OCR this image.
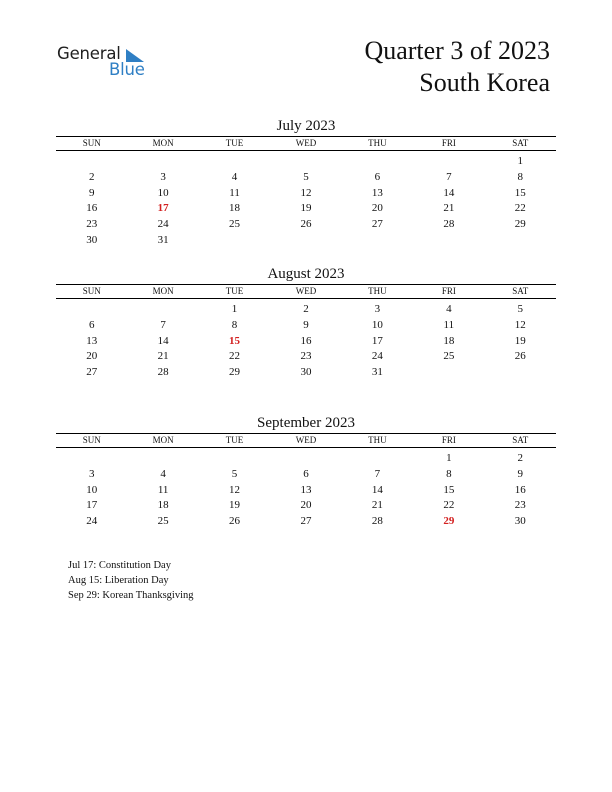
General
Blue
Quarter 3 of 2023
South Korea
July 2023
SUN	MON	TUE	WED	THU	FRI	SAT
						1
2	3	4	5	6	7	8
9	10	11	12	13	14	15
16	17	18	19	20	21	22
23	24	25	26	27	28	29
30	31					
August 2023
SUN	MON	TUE	WED	THU	FRI	SAT
		1	2	3	4	5
6	7	8	9	10	11	12
13	14	15	16	17	18	19
20	21	22	23	24	25	26
27	28	29	30	31		
September 2023
SUN	MON	TUE	WED	THU	FRI	SAT
					1	2
3	4	5	6	7	8	9
10	11	12	13	14	15	16
17	18	19	20	21	22	23
24	25	26	27	28	29	30
Jul 17: Constitution Day
Aug 15: Liberation Day
Sep 29: Korean Thanksgiving
